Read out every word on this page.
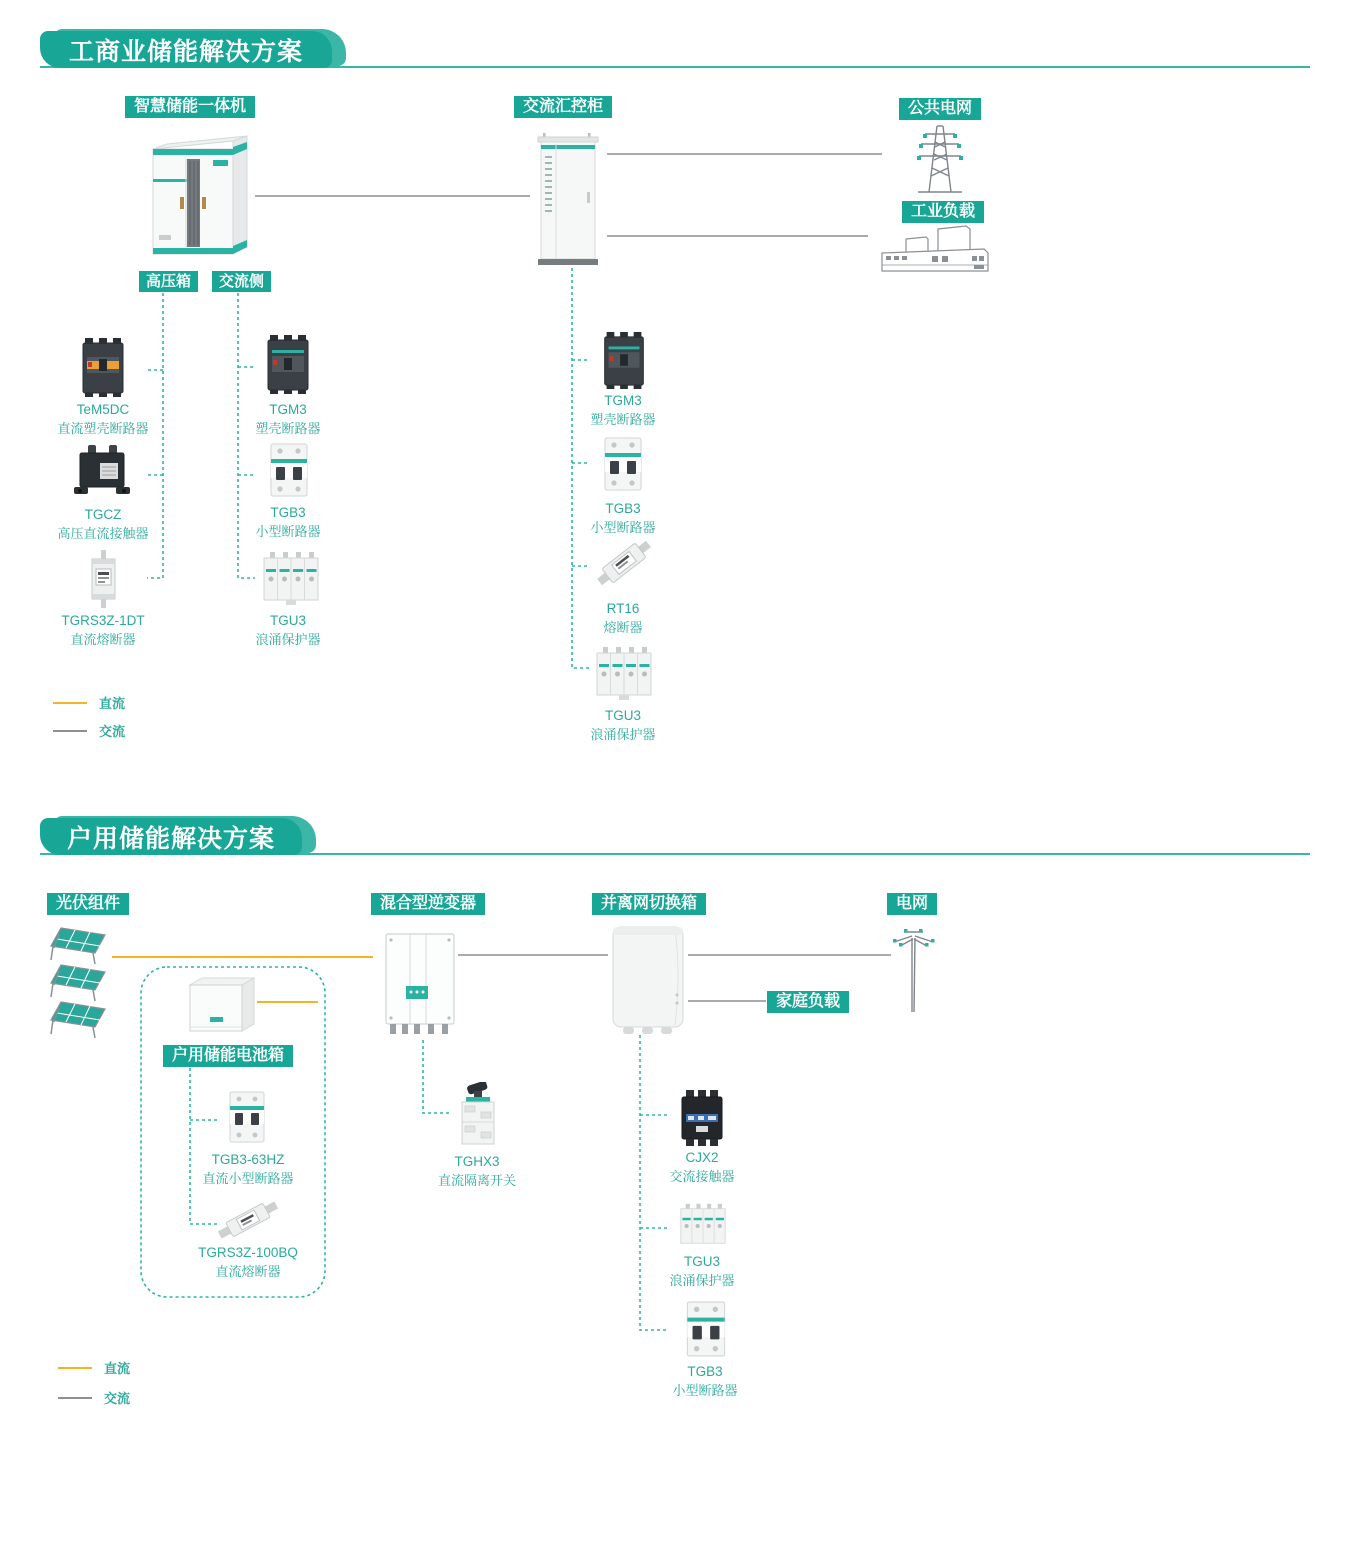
工商业储能解决方案
智慧储能一体机	交流汇控柜	公共电网
工业负载
高压箱	交流侧
TeM5DC
直流塑壳断路器
TGCZ
高压直流接触器
TGRS3Z-1DT
直流熔断器
TGM3
塑壳断路器
TGB3
小型断路器
TGU3
浪涌保护器
TGM3
塑壳断路器
TGB3
小型断路器
RT16
熔断器
TGU3
浪涌保护器
直流
交流
户用储能解决方案
光伏组件	混合型逆变器	并离网切换箱	电网
家庭负载
户用储能电池箱
TGB3-63HZ
直流小型断路器
TGRS3Z-100BQ
直流熔断器
TGHX3
直流隔离开关
CJX2
交流接触器
TGU3
浪涌保护器
TGB3
小型断路器
直流
交流
